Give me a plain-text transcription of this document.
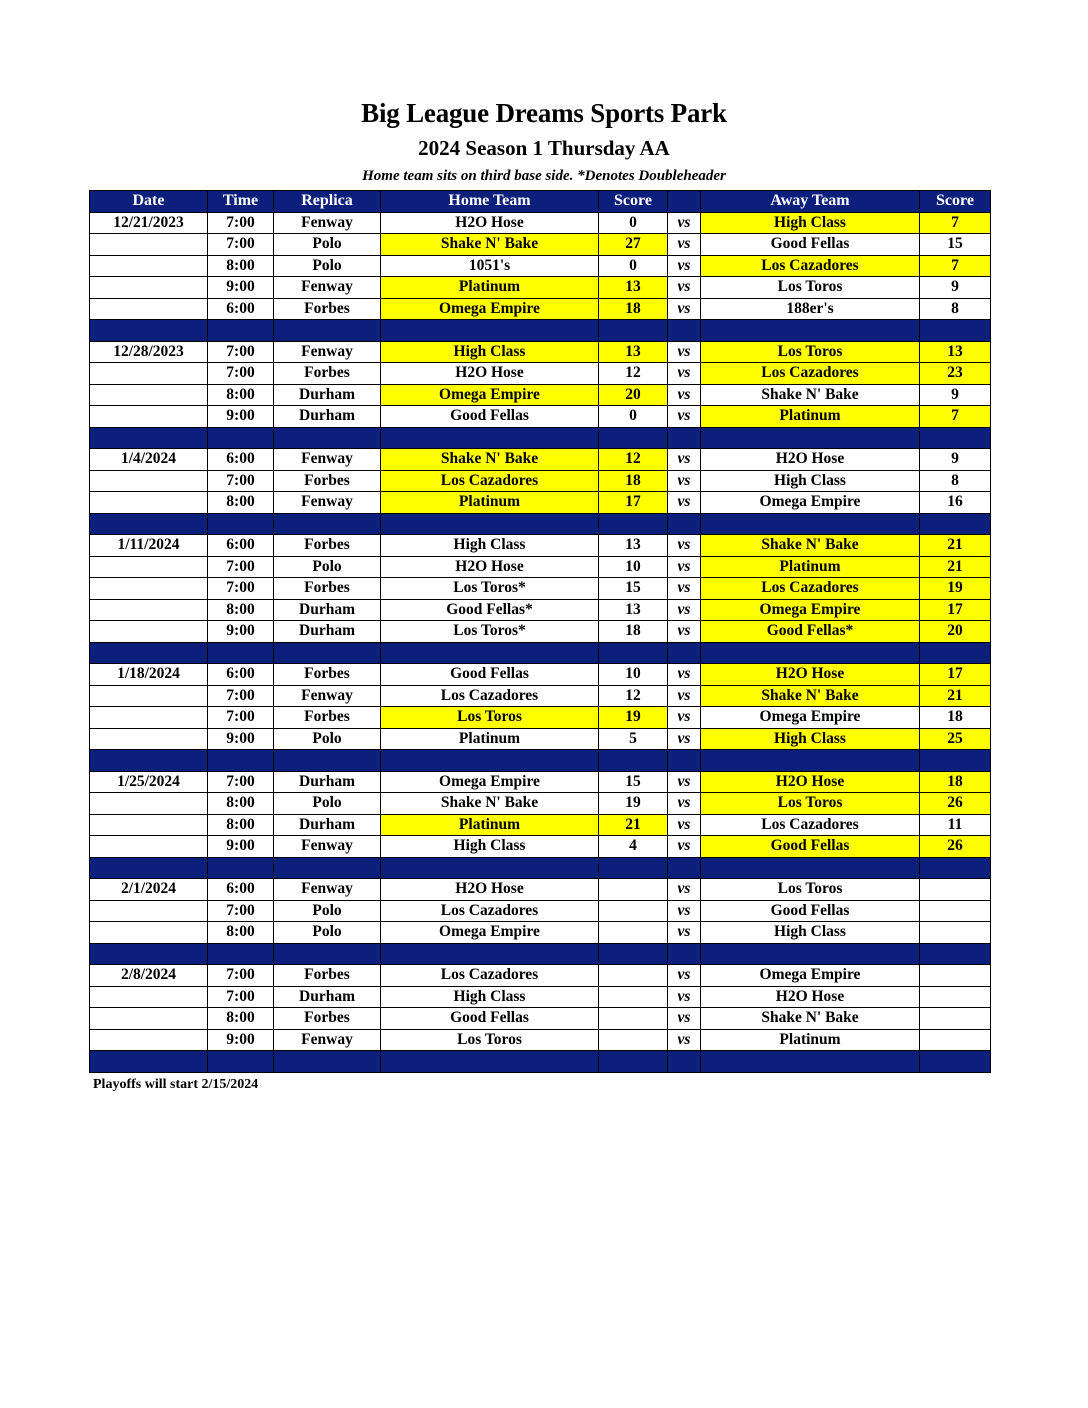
Big League Dreams Sports Park
2024 Season 1 Thursday AA
Home team sits on third base side. *Denotes Doubleheader
Date	Time	Replica	Home Team	Score		Away Team	Score
12/21/2023	7:00	Fenway	H2O Hose	0	vs	High Class	7
	7:00	Polo	Shake N' Bake	27	vs	Good Fellas	15
	8:00	Polo	1051's	0	vs	Los Cazadores	7
	9:00	Fenway	Platinum	13	vs	Los Toros	9
	6:00	Forbes	Omega Empire	18	vs	188er's	8

12/28/2023	7:00	Fenway	High Class	13	vs	Los Toros	13
	7:00	Forbes	H2O Hose	12	vs	Los Cazadores	23
	8:00	Durham	Omega Empire	20	vs	Shake N' Bake	9
	9:00	Durham	Good Fellas	0	vs	Platinum	7

1/4/2024	6:00	Fenway	Shake N' Bake	12	vs	H2O Hose	9
	7:00	Forbes	Los Cazadores	18	vs	High Class	8
	8:00	Fenway	Platinum	17	vs	Omega Empire	16

1/11/2024	6:00	Forbes	High Class	13	vs	Shake N' Bake	21
	7:00	Polo	H2O Hose	10	vs	Platinum	21
	7:00	Forbes	Los Toros*	15	vs	Los Cazadores	19
	8:00	Durham	Good Fellas*	13	vs	Omega Empire	17
	9:00	Durham	Los Toros*	18	vs	Good Fellas*	20

1/18/2024	6:00	Forbes	Good Fellas	10	vs	H2O Hose	17
	7:00	Fenway	Los Cazadores	12	vs	Shake N' Bake	21
	7:00	Forbes	Los Toros	19	vs	Omega Empire	18
	9:00	Polo	Platinum	5	vs	High Class	25

1/25/2024	7:00	Durham	Omega Empire	15	vs	H2O Hose	18
	8:00	Polo	Shake N' Bake	19	vs	Los Toros	26
	8:00	Durham	Platinum	21	vs	Los Cazadores	11
	9:00	Fenway	High Class	4	vs	Good Fellas	26

2/1/2024	6:00	Fenway	H2O Hose		vs	Los Toros	
	7:00	Polo	Los Cazadores		vs	Good Fellas	
	8:00	Polo	Omega Empire		vs	High Class	

2/8/2024	7:00	Forbes	Los Cazadores		vs	Omega Empire	
	7:00	Durham	High Class		vs	H2O Hose	
	8:00	Forbes	Good Fellas		vs	Shake N' Bake	
	9:00	Fenway	Los Toros		vs	Platinum	

Playoffs will start 2/15/2024
